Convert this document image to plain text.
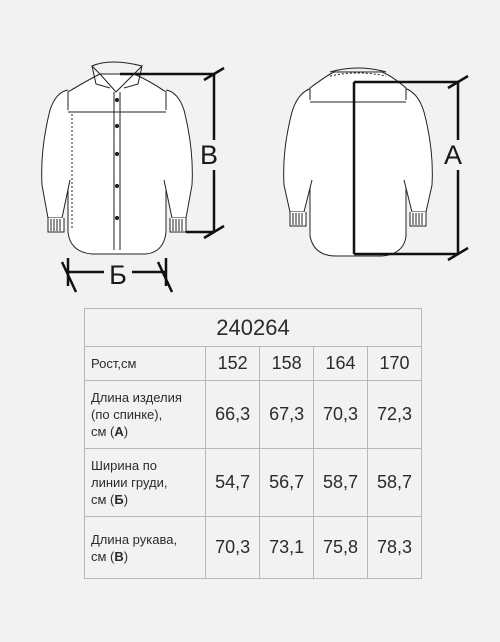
В
Б
А
240264				
Рост,см	152	158	164	170
Длина изделия
(по спинке),
см (А)	66,3	67,3	70,3	72,3
Ширина по
линии груди,
см (Б)	54,7	56,7	58,7	58,7
Длина рукава,
см (В)	70,3	73,1	75,8	78,3
